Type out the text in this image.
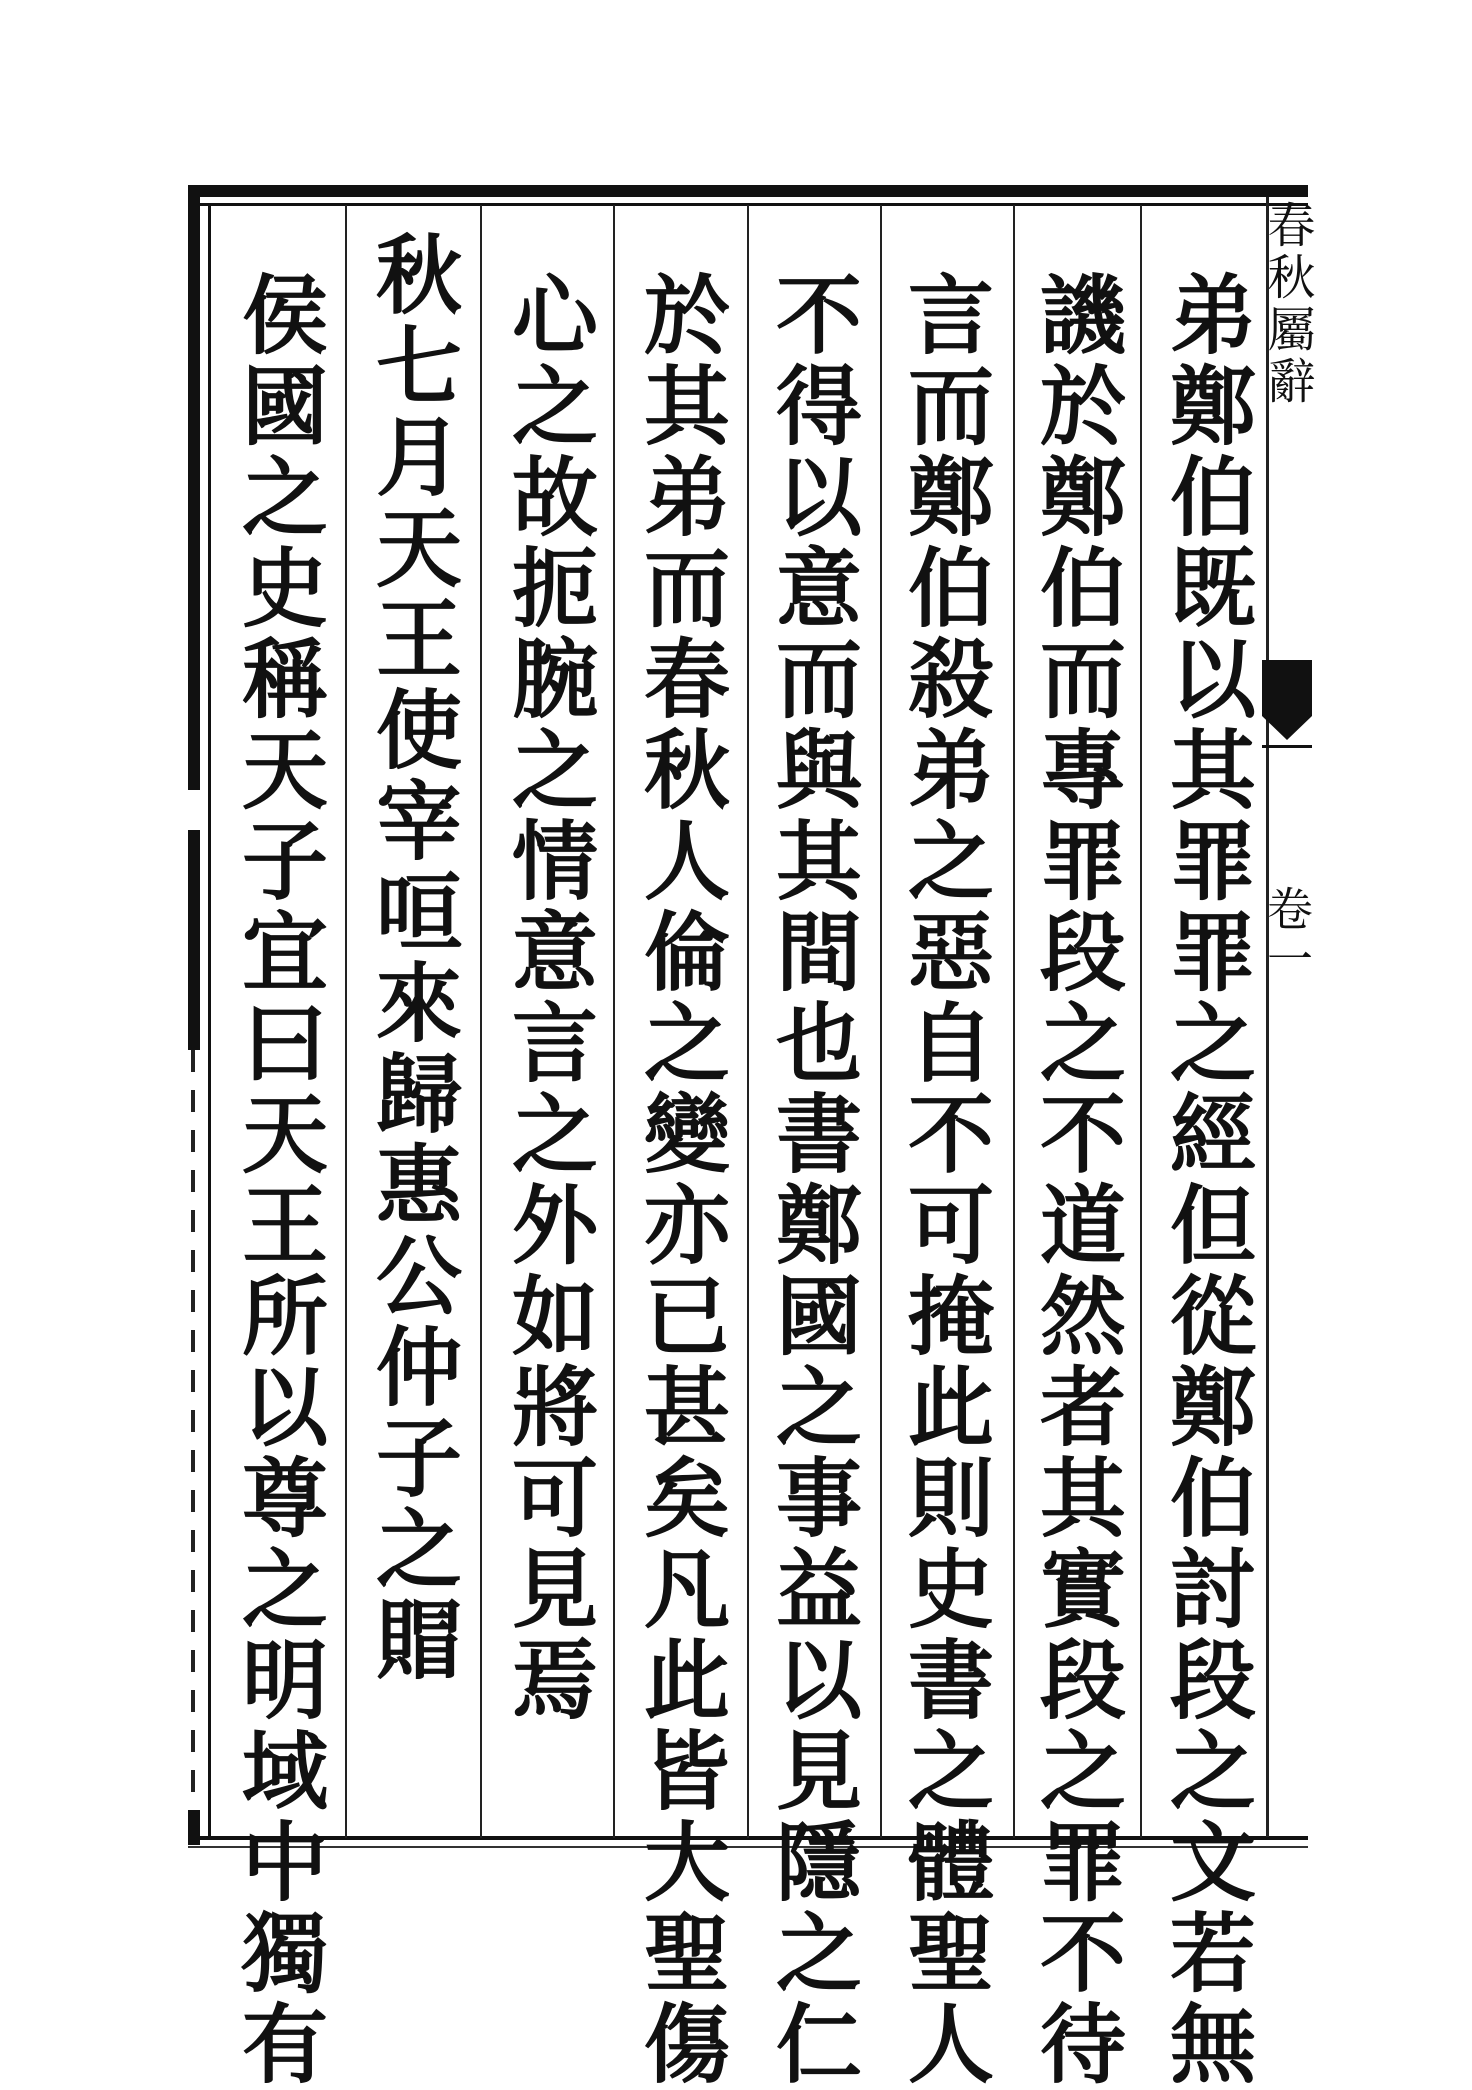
春秋屬辭
卷一
弟鄭伯既以其罪罪之經但從鄭伯討段之文若無
譏於鄭伯而專罪段之不道然者其實段之罪不待
言而鄭伯殺弟之惡自不可掩此則史書之體聖人
不得以意而與其間也書鄭國之事益以見隱之仁
於其弟而春秋人倫之變亦已甚矣凡此皆大聖傷
心之故扼腕之情意言之外如將可見焉
秋七月天王使宰咺來歸惠公仲子之賵
侯國之史稱天子宜曰天王所以尊之明域中獨有
